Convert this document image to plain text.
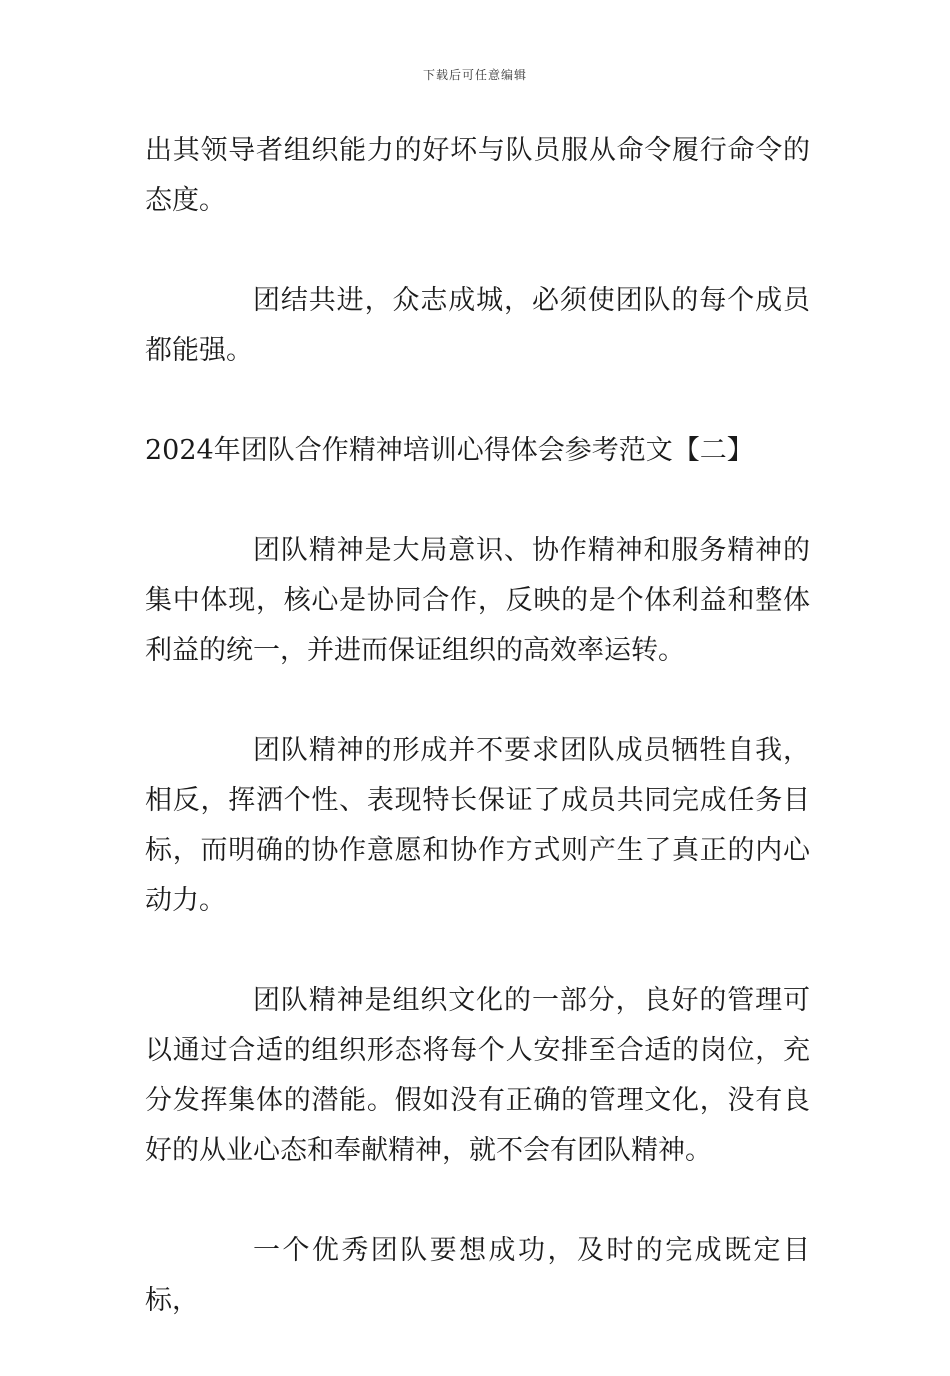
下载后可任意编辑

出其领导者组织能力的好坏与队员服从命令履行命令的态度。

团结共进，众志成城，必须使团队的每个成员都能强。

2024年团队合作精神培训心得体会参考范文【二】

团队精神是大局意识、协作精神和服务精神的集中体现，核心是协同合作，反映的是个体利益和整体利益的统一，并进而保证组织的高效率运转。

团队精神的形成并不要求团队成员牺牲自我，相反，挥洒个性、表现特长保证了成员共同完成任务目标，而明确的协作意愿和协作方式则产生了真正的内心动力。

团队精神是组织文化的一部分，良好的管理可以通过合适的组织形态将每个人安排至合适的岗位，充分发挥集体的潜能。假如没有正确的管理文化，没有良好的从业心态和奉献精神，就不会有团队精神。

一个优秀团队要想成功，及时的完成既定目标，
